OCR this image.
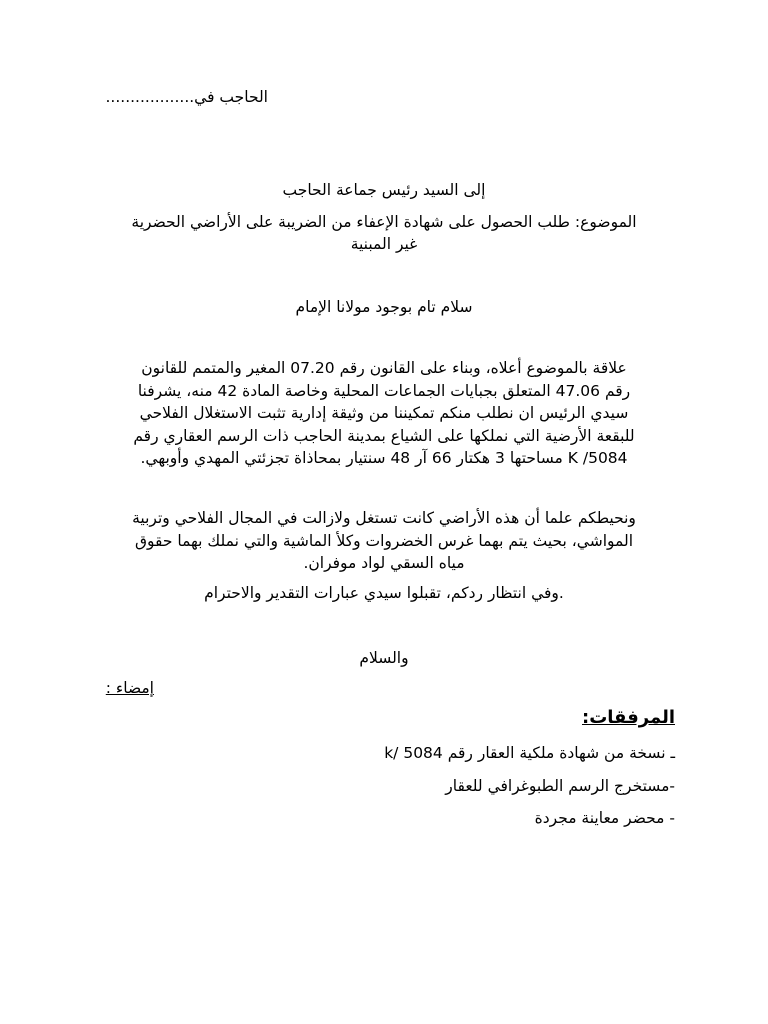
الحاجب في..................
إلى السيد رئيس جماعة الحاجب
الموضوع: طلب الحصول على شهادة الإعفاء من الضريبة على الأراضي الحضرية
غير المبنية
سلام تام بوجود مولانا الإمام
علاقة بالموضوع أعلاه، وبناء على القانون رقم 07.20 المغير والمتمم للقانون
رقم 47.06 المتعلق بجبايات الجماعات المحلية وخاصة المادة 42 منه، يشرفنا
سيدي الرئيس ان نطلب منكم تمكيننا من وثيقة إدارية تثبت الاستغلال الفلاحي
للبقعة الأرضية التي نملكها على الشياع بمدينة الحاجب ذات الرسم العقاري رقم
K /5084 مساحتها 3 هكتار 66 آر 48 سنتيار بمحاذاة تجزئتي المهدي وأوبهي.
ونحيطكم علما أن هذه الأراضي كانت تستغل ولازالت في المجال الفلاحي وتربية
المواشي، بحيث يتم بهما غرس الخضروات وكلأ الماشية والتي نملك بهما حقوق
مياه السقي لواد موفران.
.وفي انتظار ردكم، تقبلوا سيدي عبارات التقدير والاحترام
والسلام
إمضاء :
المرفقات:
ـ نسخة من شهادة ملكية العقار رقم 5084 /k
-مستخرج الرسم الطبوغرافي للعقار
- محضر معاينة مجردة
